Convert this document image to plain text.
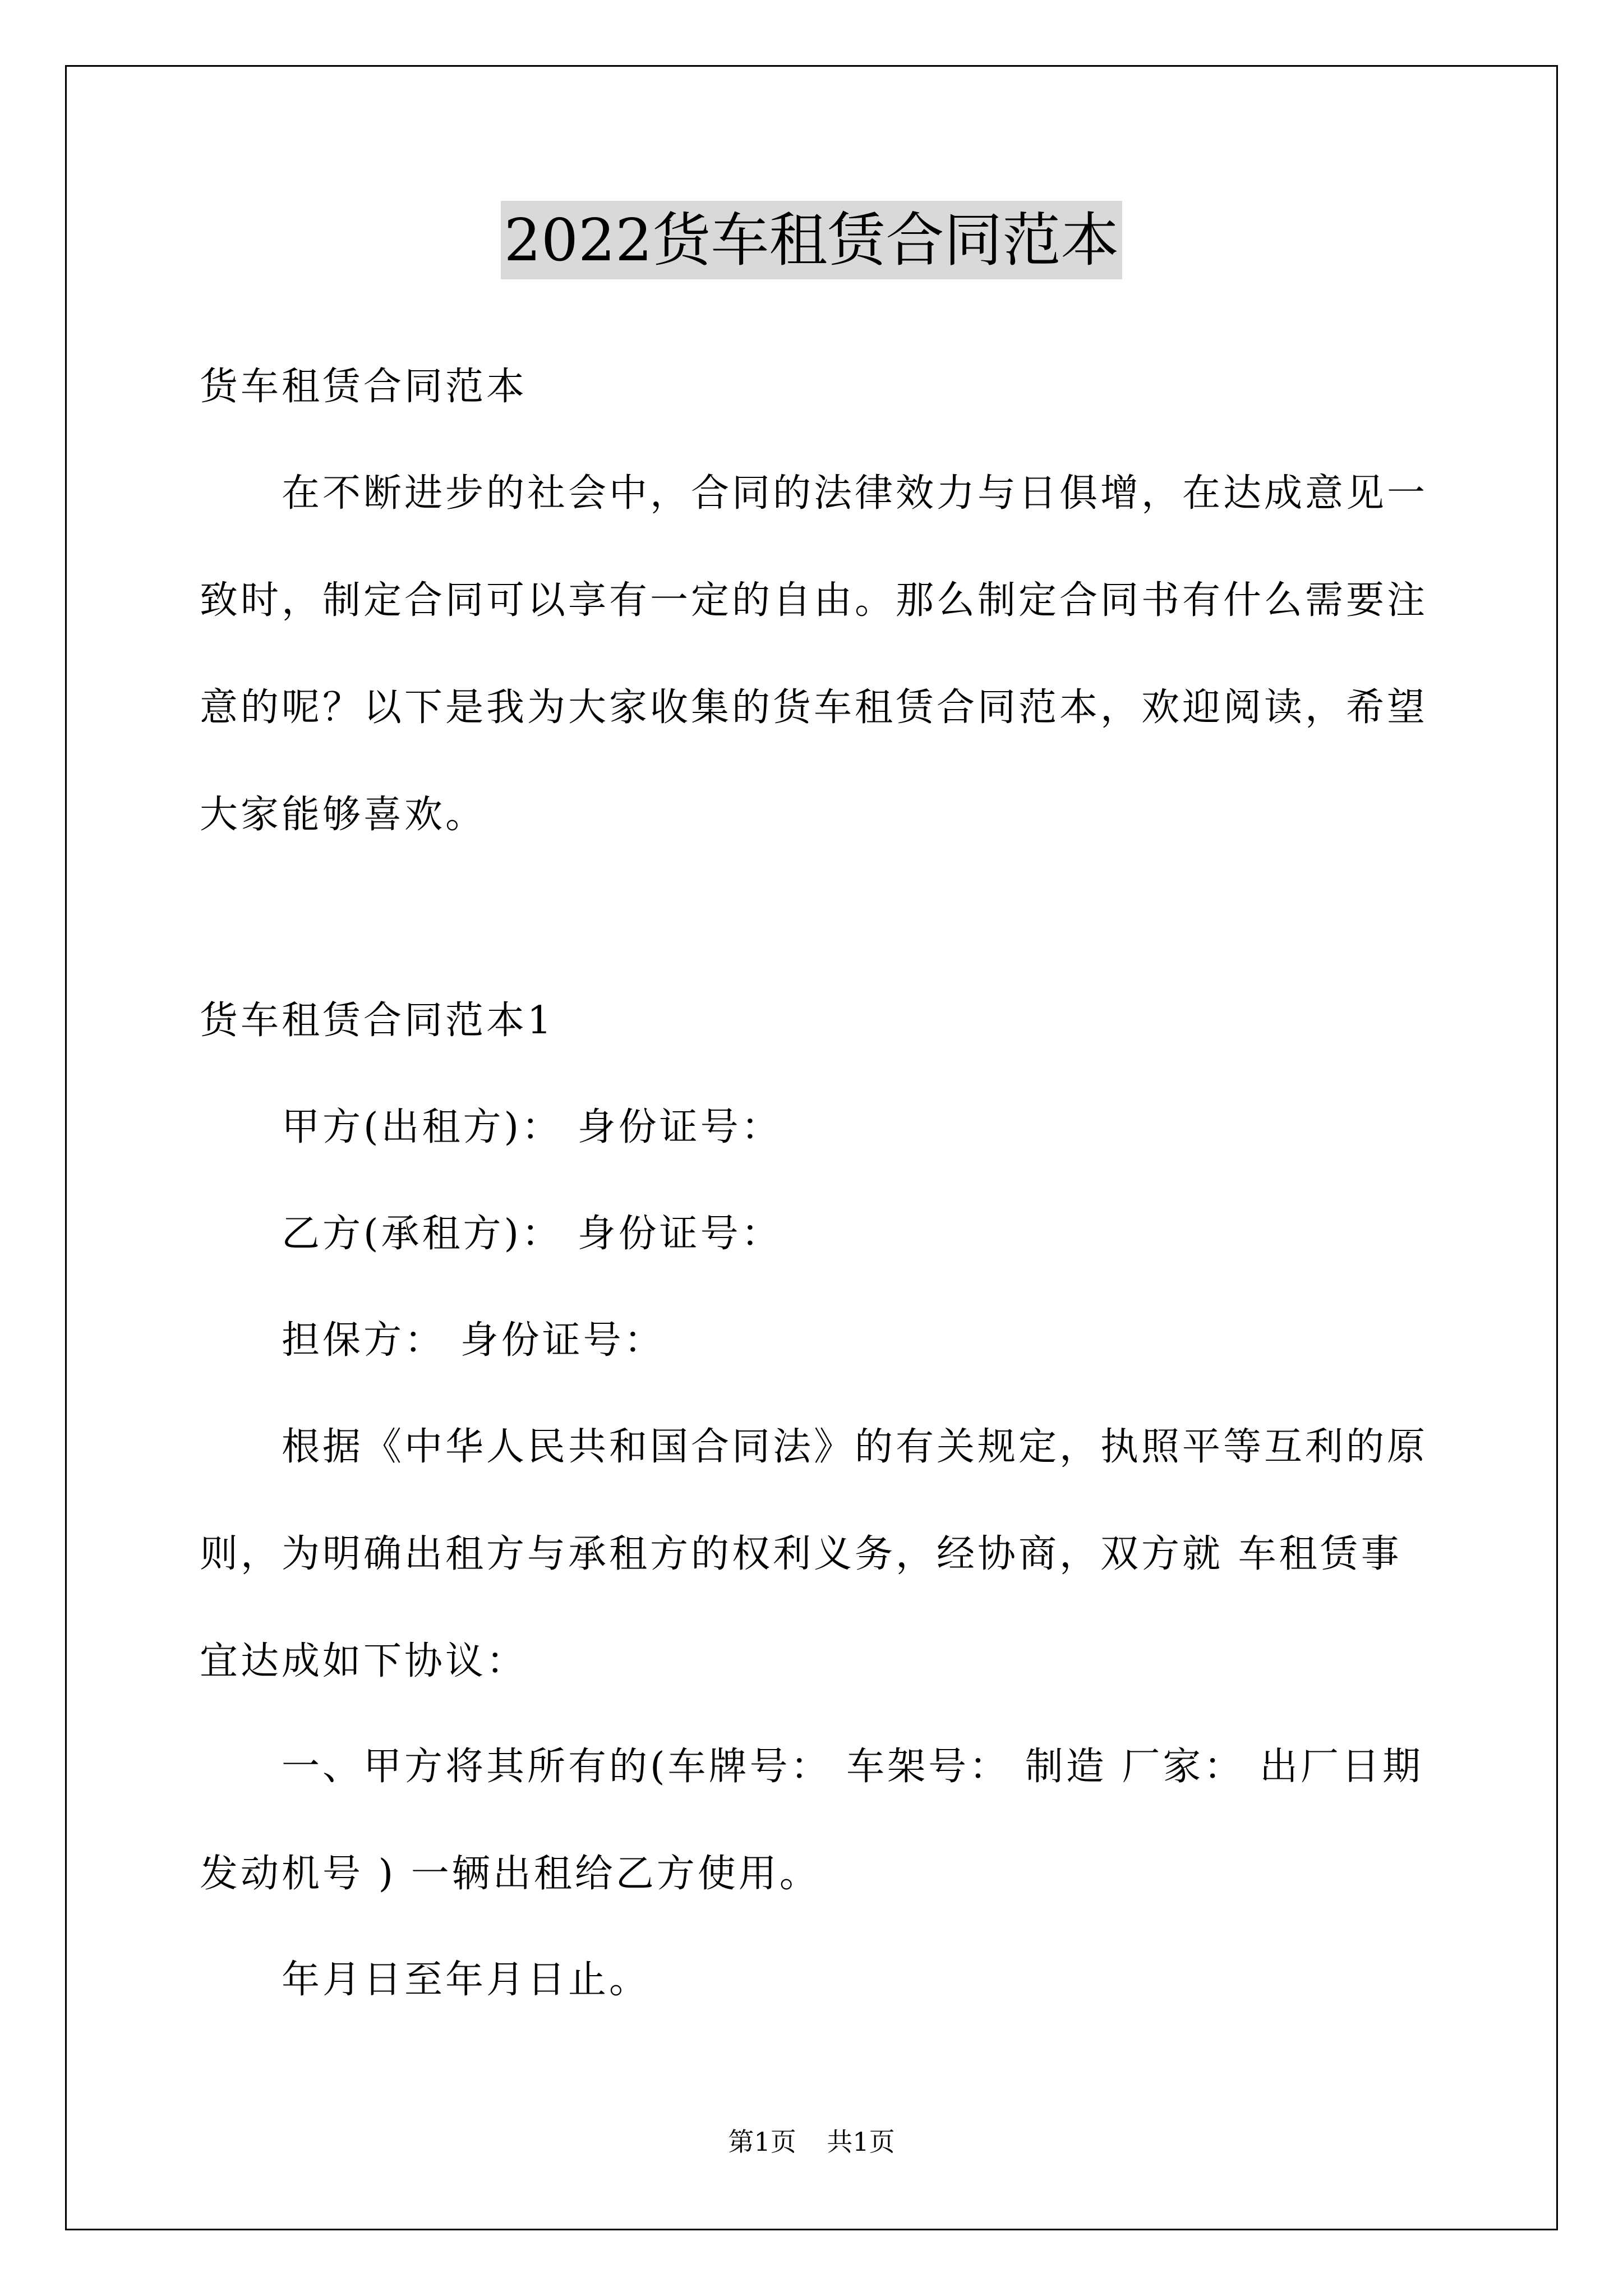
2022货车租赁合同范本

货车租赁合同范本

在不断进步的社会中，合同的法律效力与日俱增，在达成意见一致时，制定合同可以享有一定的自由。那么制定合同书有什么需要注意的呢？以下是我为大家收集的货车租赁合同范本，欢迎阅读，希望大家能够喜欢。

货车租赁合同范本1

甲方(出租方)： 身份证号：

乙方(承租方)： 身份证号：

担保方： 身份证号：

根据《中华人民共和国合同法》的有关规定，执照平等互利的原则，为明确出租方与承租方的权利义务，经协商，双方就 车租赁事宜达成如下协议：

一、甲方将其所有的(车牌号： 车架号： 制造 厂家： 出厂日期 发动机号 ) 一辆出租给乙方使用。

年月日至年月日止。

第1页 共1页
